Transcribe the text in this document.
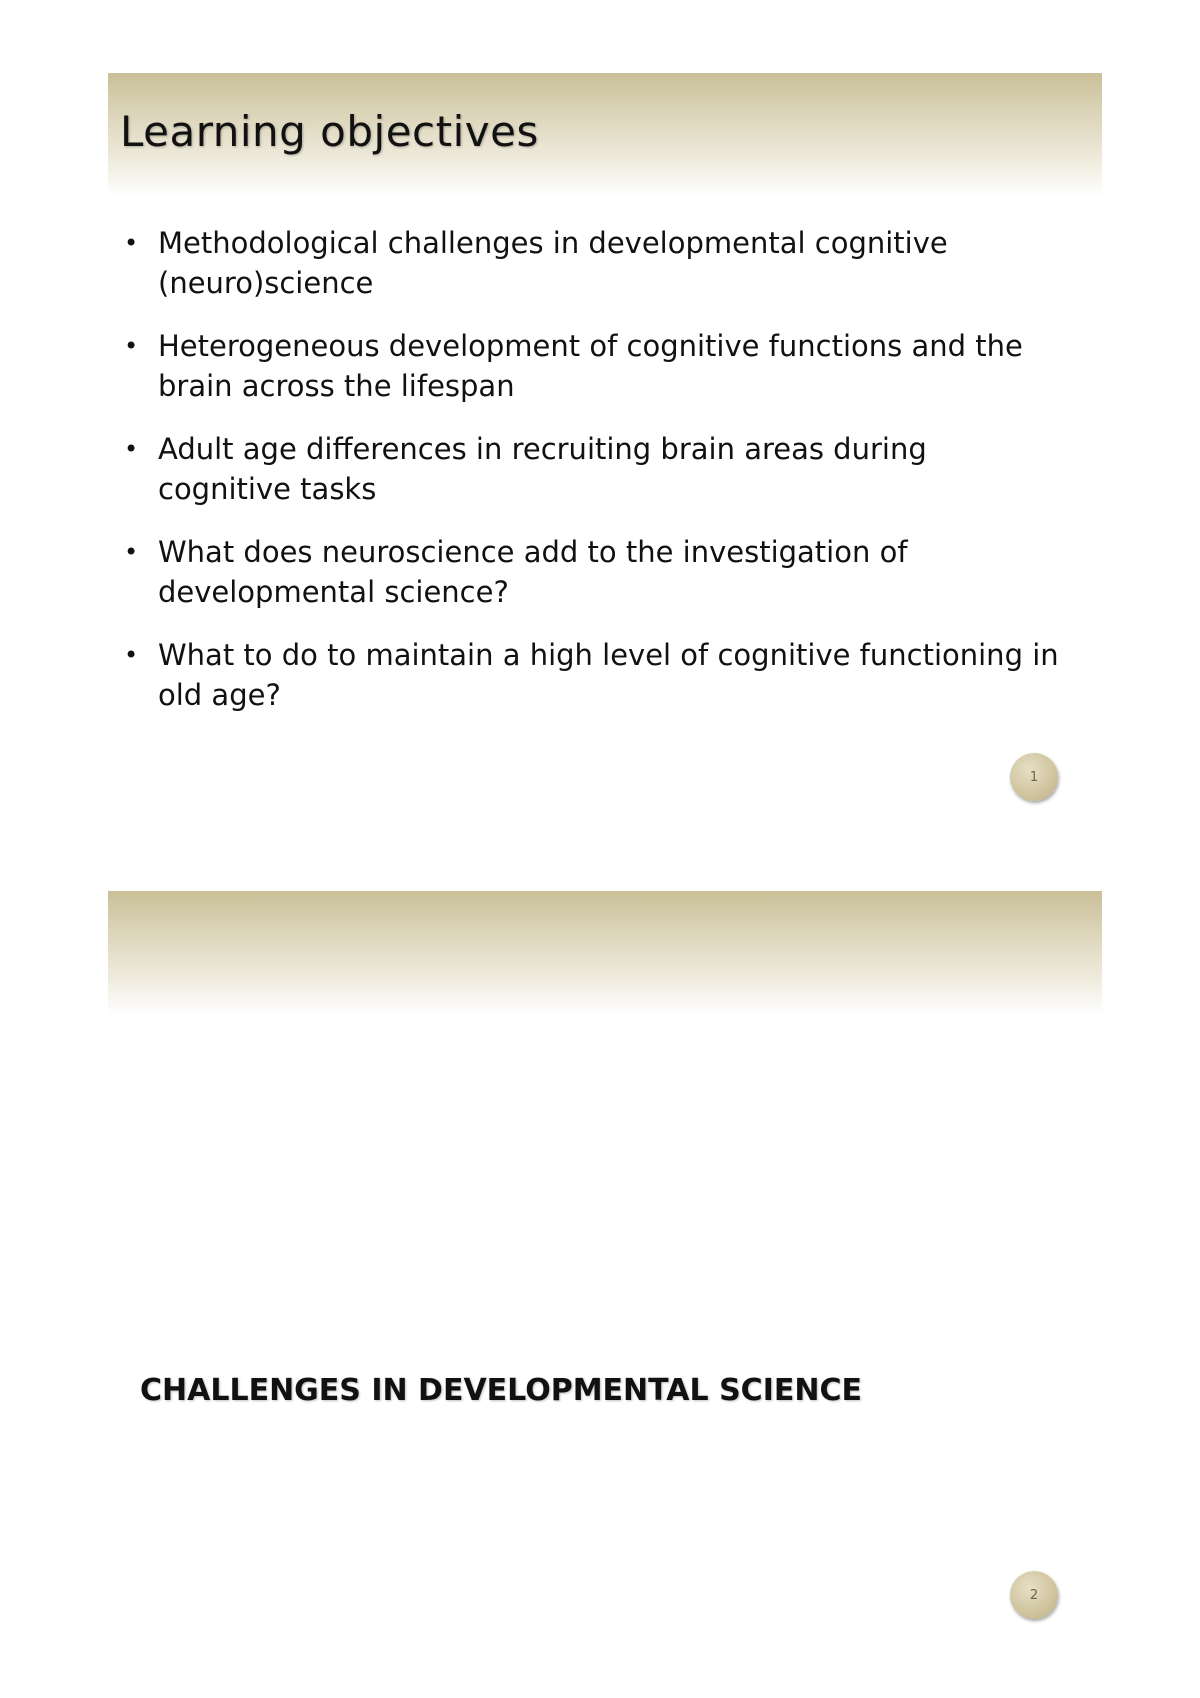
Learning objectives
• Methodological challenges in developmental cognitive (neuro)science
• Heterogeneous development of cognitive functions and the brain across the lifespan
• Adult age differences in recruiting brain areas during cognitive tasks
• What does neuroscience add to the investigation of developmental science?
• What to do to maintain a high level of cognitive functioning in old age?
1
CHALLENGES IN DEVELOPMENTAL SCIENCE
2
